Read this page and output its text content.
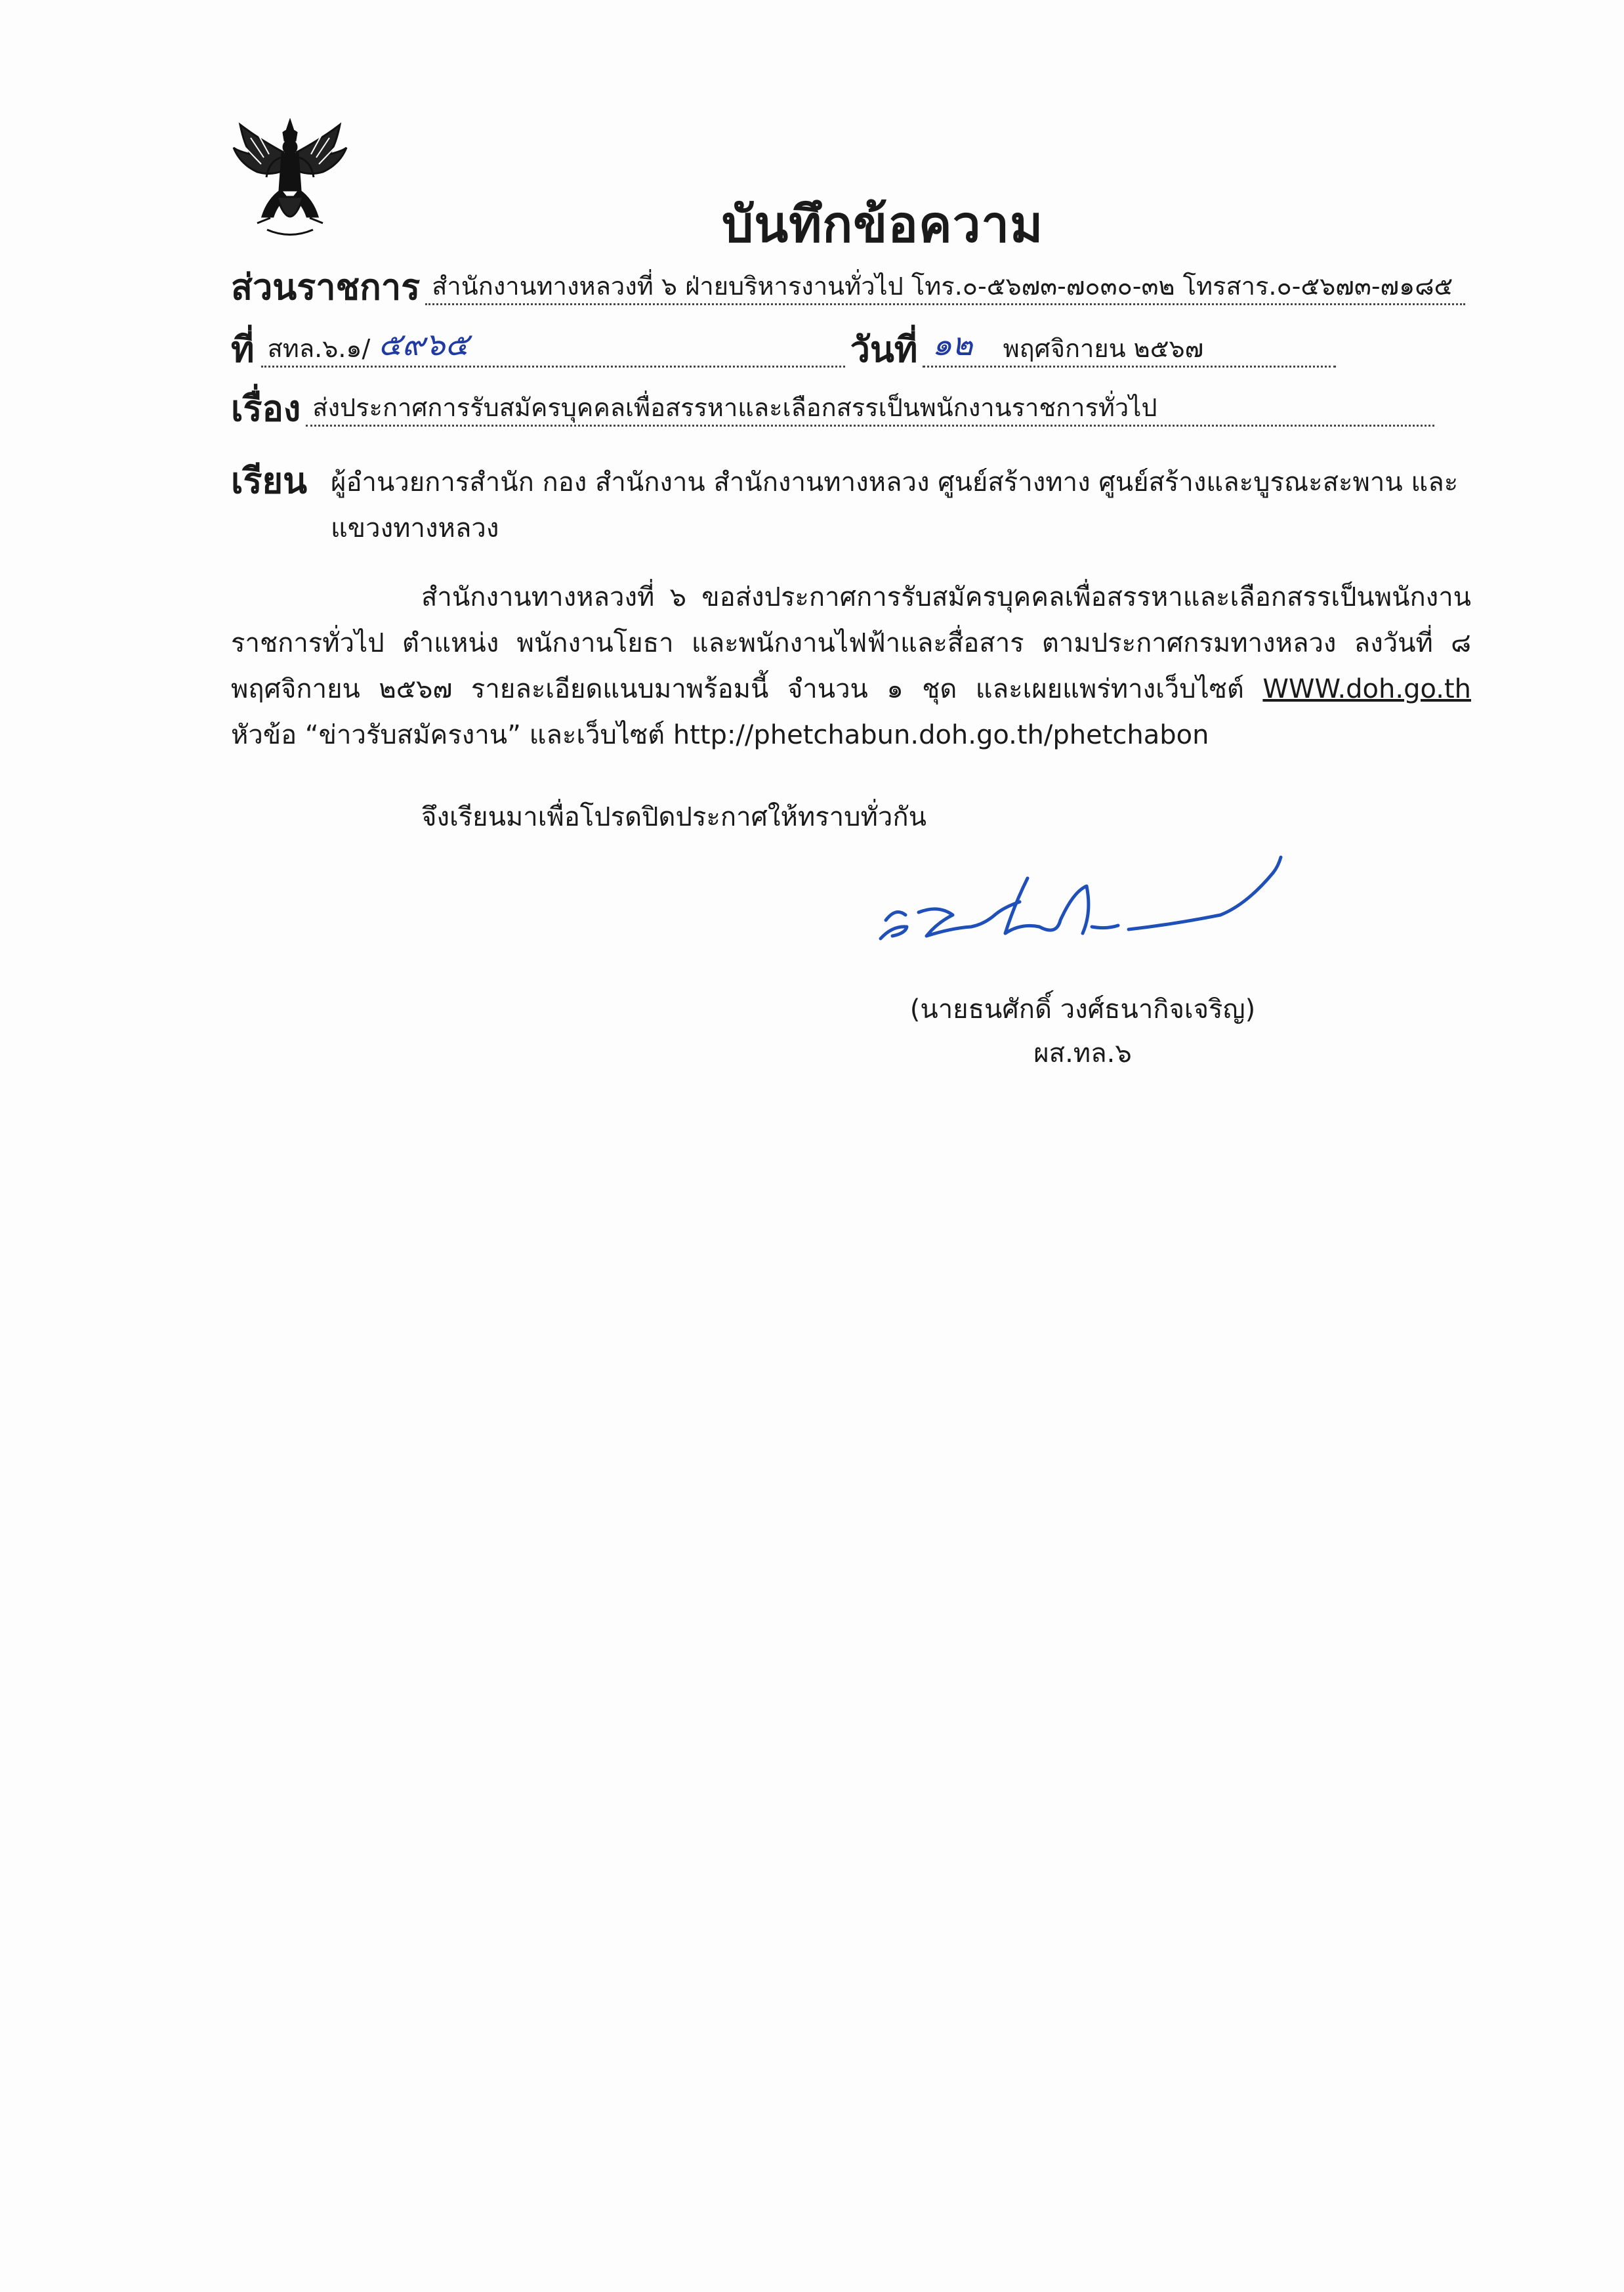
บันทึกข้อความ
ส่วนราชการ สำนักงานทางหลวงที่ ๖ ฝ่ายบริหารงานทั่วไป โทร.๐-๕๖๗๓-๗๐๓๐-๓๒ โทรสาร.๐-๕๖๗๓-๗๑๘๕
ที่ สทล.๖.๑/ ๕๙๖๕	วันที่ ๑๒ พฤศจิกายน ๒๕๖๗
เรื่อง ส่งประกาศการรับสมัครบุคคลเพื่อสรรหาและเลือกสรรเป็นพนักงานราชการทั่วไป
เรียน ผู้อำนวยการสำนัก กอง สำนักงาน สำนักงานทางหลวง ศูนย์สร้างทาง ศูนย์สร้างและบูรณะสะพาน และแขวงทางหลวง
สำนักงานทางหลวงที่ ๖ ขอส่งประกาศการรับสมัครบุคคลเพื่อสรรหาและเลือกสรรเป็นพนักงานราชการทั่วไป ตำแหน่ง พนักงานโยธา และพนักงานไฟฟ้าและสื่อสาร ตามประกาศกรมทางหลวง ลงวันที่ ๘ พฤศจิกายน ๒๕๖๗ รายละเอียดแนบมาพร้อมนี้ จำนวน ๑ ชุด และเผยแพร่ทางเว็บไซต์ WWW.doh.go.th หัวข้อ “ข่าวรับสมัครงาน” และเว็บไซต์ http://phetchabun.doh.go.th/phetchabon
จึงเรียนมาเพื่อโปรดปิดประกาศให้ทราบทั่วกัน
(นายธนศักดิ์ วงศ์ธนากิจเจริญ)
ผส.ทล.๖
